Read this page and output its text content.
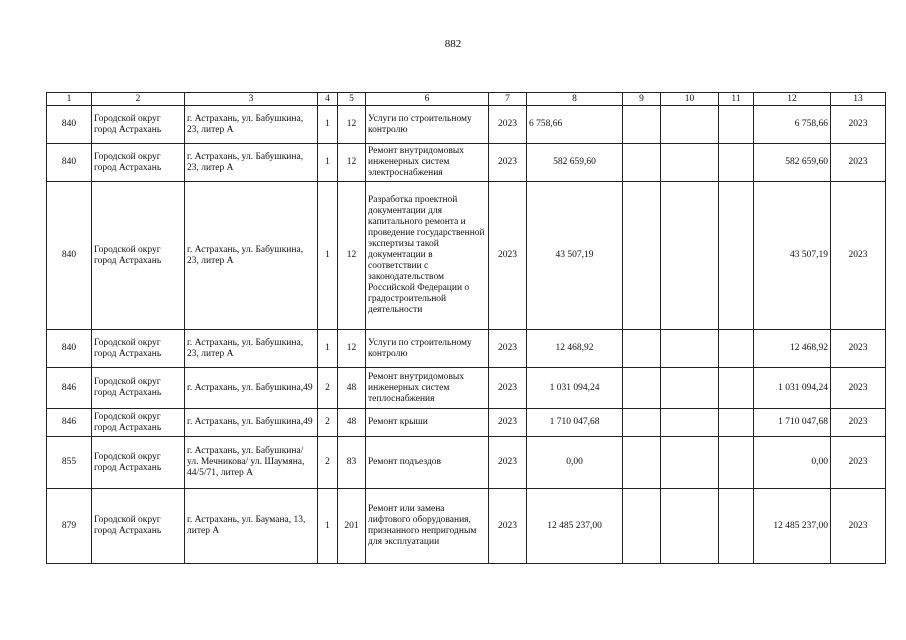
882
1	2	3	4	5	6	7	8	9	10	11	12	13
840	Городской округ город Астрахань	г. Астрахань, ул. Бабушкина, 23, литер А	1	12	Услуги по строительному контролю	2023	6 758,66				6 758,66	2023
840	Городской округ город Астрахань	г. Астрахань, ул. Бабушкина, 23, литер А	1	12	Ремонт внутридомовых инженерных систем электроснабжения	2023	582 659,60				582 659,60	2023
840	Городской округ город Астрахань	г. Астрахань, ул. Бабушкина, 23, литер А	1	12	Разработка проектной документации для капитального ремонта и проведение государственной экспертизы такой документации в соответствии с законодательством Российской Федерации о градостроительной деятельности	2023	43 507,19				43 507,19	2023
840	Городской округ город Астрахань	г. Астрахань, ул. Бабушкина, 23, литер А	1	12	Услуги по строительному контролю	2023	12 468,92				12 468,92	2023
846	Городской округ город Астрахань	г. Астрахань, ул. Бабушкина,49	2	48	Ремонт внутридомовых инженерных систем теплоснабжения	2023	1 031 094,24				1 031 094,24	2023
846	Городской округ город Астрахань	г. Астрахань, ул. Бабушкина,49	2	48	Ремонт крыши	2023	1 710 047,68				1 710 047,68	2023
855	Городской округ город Астрахань	г. Астрахань, ул. Бабушкина/ ул. Мечникова/ ул. Шаумяна, 44/5/71, литер А	2	83	Ремонт подъездов	2023	0,00				0,00	2023
879	Городской округ город Астрахань	г. Астрахань, ул. Баумана, 13, литер А	1	201	Ремонт или замена лифтового оборудования, признанного непригодным для эксплуатации	2023	12 485 237,00				12 485 237,00	2023
